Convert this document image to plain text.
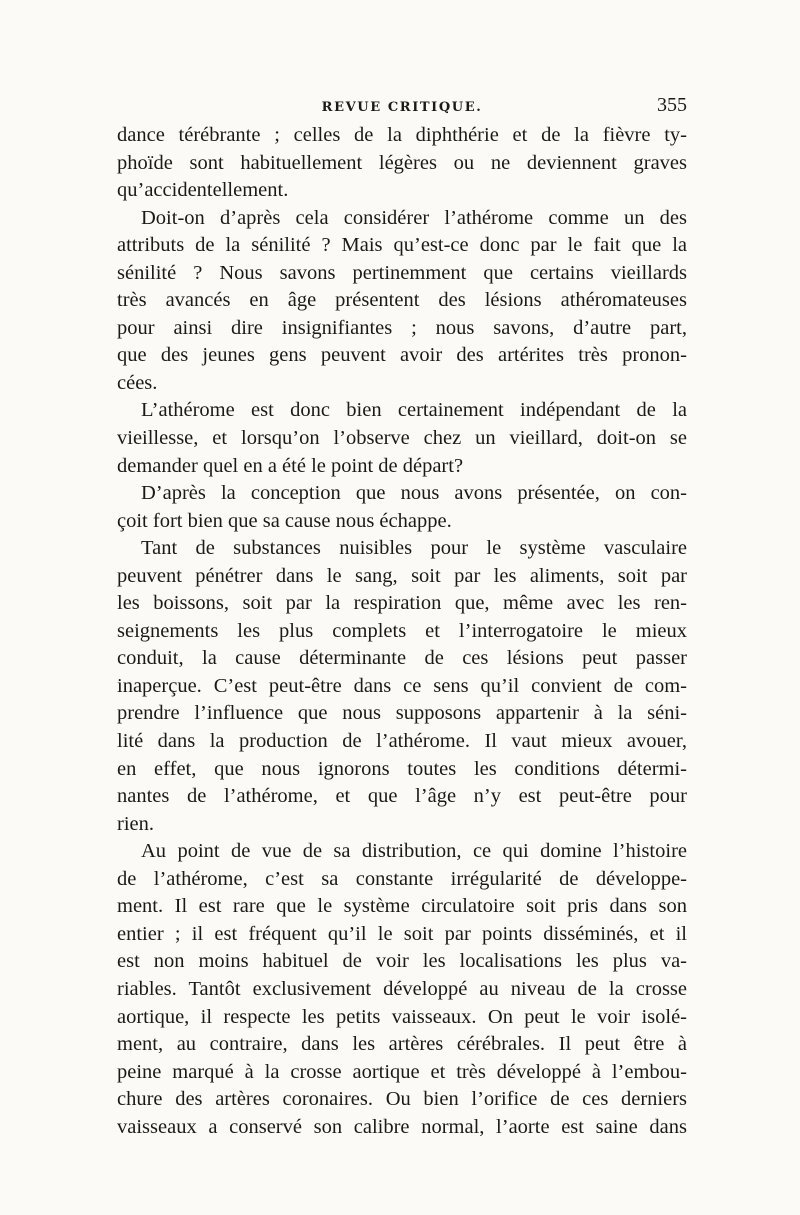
REVUE CRITIQUE.	355
dance térébrante ; celles de la diphthérie et de la fièvre ty-
phoïde sont habituellement légères ou ne deviennent graves
qu’accidentellement.
Doit-on d’après cela considérer l’athérome comme un des
attributs de la sénilité ? Mais qu’est-ce donc par le fait que la
sénilité ? Nous savons pertinemment que certains vieillards
très avancés en âge présentent des lésions athéromateuses
pour ainsi dire insignifiantes ; nous savons, d’autre part,
que des jeunes gens peuvent avoir des artérites très pronon-
cées.
L’athérome est donc bien certainement indépendant de la
vieillesse, et lorsqu’on l’observe chez un vieillard, doit-on se
demander quel en a été le point de départ?
D’après la conception que nous avons présentée, on con-
çoit fort bien que sa cause nous échappe.
Tant de substances nuisibles pour le système vasculaire
peuvent pénétrer dans le sang, soit par les aliments, soit par
les boissons, soit par la respiration que, même avec les ren-
seignements les plus complets et l’interrogatoire le mieux
conduit, la cause déterminante de ces lésions peut passer
inaperçue. C’est peut-être dans ce sens qu’il convient de com-
prendre l’influence que nous supposons appartenir à la séni-
lité dans la production de l’athérome. Il vaut mieux avouer,
en effet, que nous ignorons toutes les conditions détermi-
nantes de l’athérome, et que l’âge n’y est peut-être pour
rien.
Au point de vue de sa distribution, ce qui domine l’histoire
de l’athérome, c’est sa constante irrégularité de développe-
ment. Il est rare que le système circulatoire soit pris dans son
entier ; il est fréquent qu’il le soit par points disséminés, et il
est non moins habituel de voir les localisations les plus va-
riables. Tantôt exclusivement développé au niveau de la crosse
aortique, il respecte les petits vaisseaux. On peut le voir isolé-
ment, au contraire, dans les artères cérébrales. Il peut être à
peine marqué à la crosse aortique et très développé à l’embou-
chure des artères coronaires. Ou bien l’orifice de ces derniers
vaisseaux a conservé son calibre normal, l’aorte est saine dans
